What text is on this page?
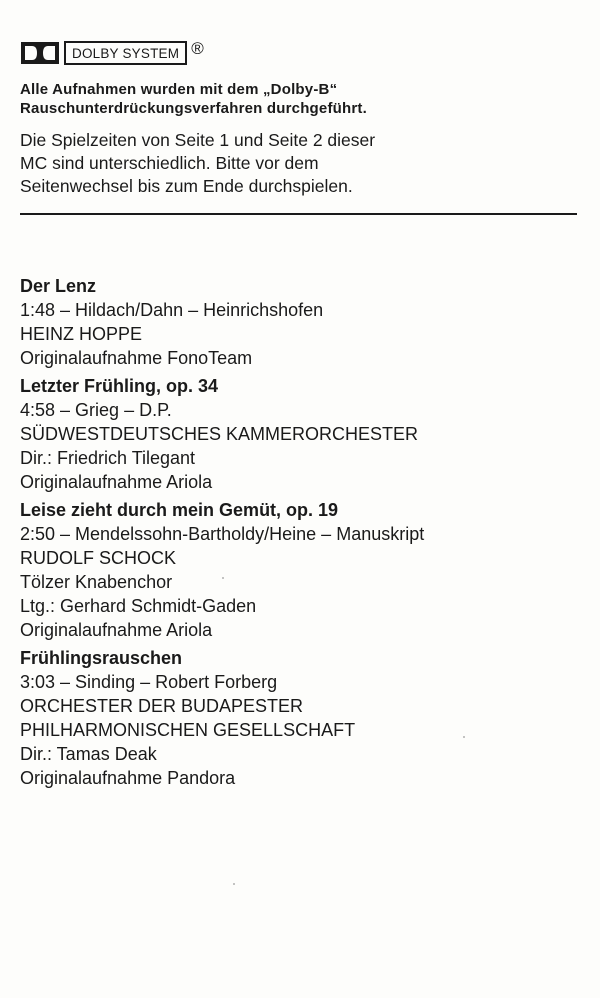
DOLBY SYSTEM ®
Alle Aufnahmen wurden mit dem „Dolby-B“
Rauschunterdrückungsverfahren durchgeführt.
Die Spielzeiten von Seite 1 und Seite 2 dieser
MC sind unterschiedlich. Bitte vor dem
Seitenwechsel bis zum Ende durchspielen.
Der Lenz
1:48 – Hildach/Dahn – Heinrichshofen
HEINZ HOPPE
Originalaufnahme FonoTeam
Letzter Frühling, op. 34
4:58 – Grieg – D.P.
SÜDWESTDEUTSCHES KAMMERORCHESTER
Dir.: Friedrich Tilegant
Originalaufnahme Ariola
Leise zieht durch mein Gemüt, op. 19
2:50 – Mendelssohn-Bartholdy/Heine – Manuskript
RUDOLF SCHOCK
Tölzer Knabenchor
Ltg.: Gerhard Schmidt-Gaden
Originalaufnahme Ariola
Frühlingsrauschen
3:03 – Sinding – Robert Forberg
ORCHESTER DER BUDAPESTER
PHILHARMONISCHEN GESELLSCHAFT
Dir.: Tamas Deak
Originalaufnahme Pandora
